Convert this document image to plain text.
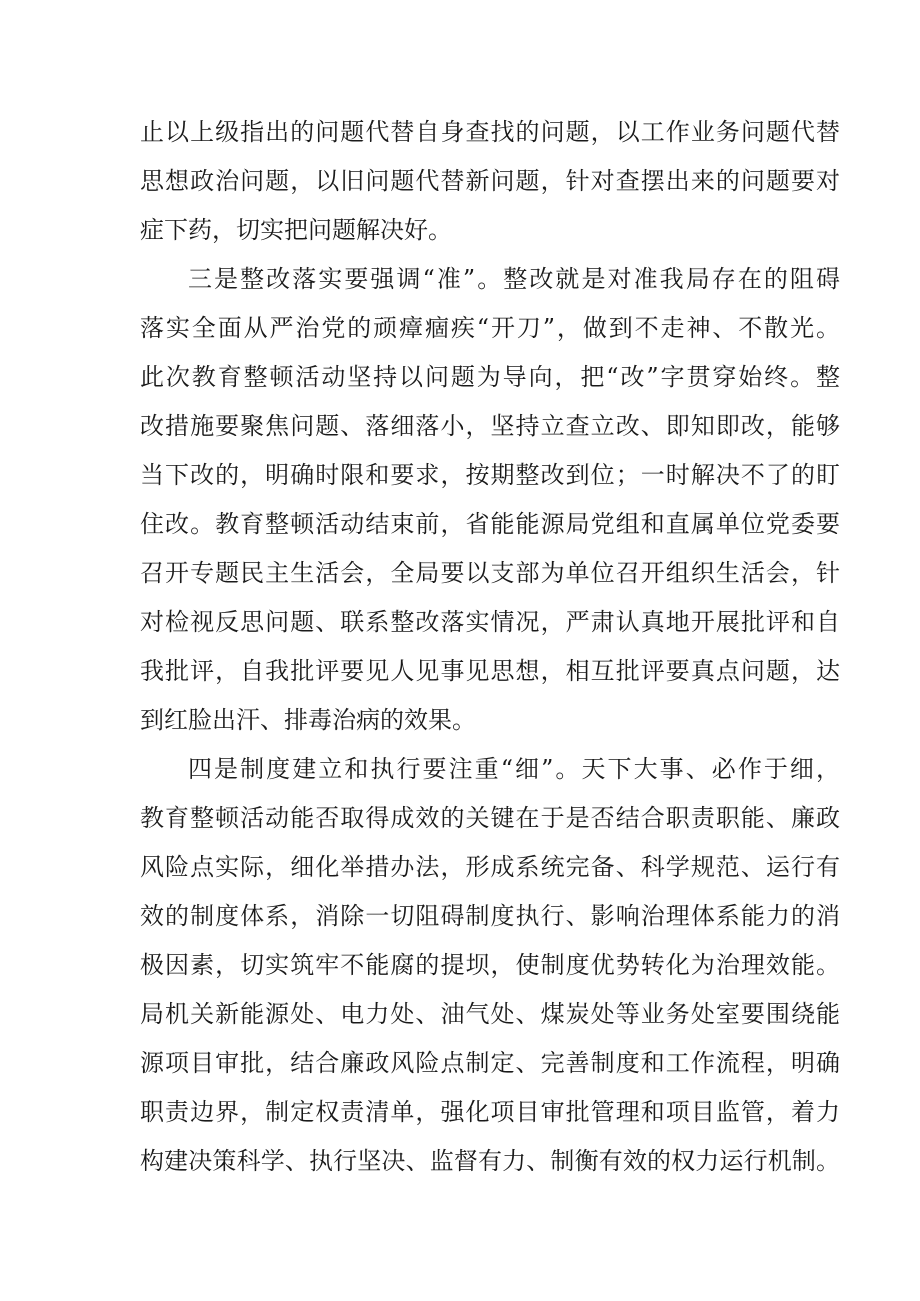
止以上级指出的问题代替自身查找的问题，以工作业务问题代替
思想政治问题，以旧问题代替新问题，针对查摆出来的问题要对
症下药，切实把问题解决好。
三是整改落实要强调“准”。整改就是对准我局存在的阻碍
落实全面从严治党的顽瘴痼疾“开刀”，做到不走神、不散光。
此次教育整顿活动坚持以问题为导向，把“改”字贯穿始终。整
改措施要聚焦问题、落细落小，坚持立查立改、即知即改，能够
当下改的，明确时限和要求，按期整改到位；一时解决不了的盯
住改。教育整顿活动结束前，省能能源局党组和直属单位党委要
召开专题民主生活会，全局要以支部为单位召开组织生活会，针
对检视反思问题、联系整改落实情况，严肃认真地开展批评和自
我批评，自我批评要见人见事见思想，相互批评要真点问题，达
到红脸出汗、排毒治病的效果。
四是制度建立和执行要注重“细”。天下大事、必作于细，
教育整顿活动能否取得成效的关键在于是否结合职责职能、廉政
风险点实际，细化举措办法，形成系统完备、科学规范、运行有
效的制度体系，消除一切阻碍制度执行、影响治理体系能力的消
极因素，切实筑牢不能腐的提坝，使制度优势转化为治理效能。
局机关新能源处、电力处、油气处、煤炭处等业务处室要围绕能
源项目审批，结合廉政风险点制定、完善制度和工作流程，明确
职责边界，制定权责清单，强化项目审批管理和项目监管，着力
构建决策科学、执行坚决、监督有力、制衡有效的权力运行机制。
